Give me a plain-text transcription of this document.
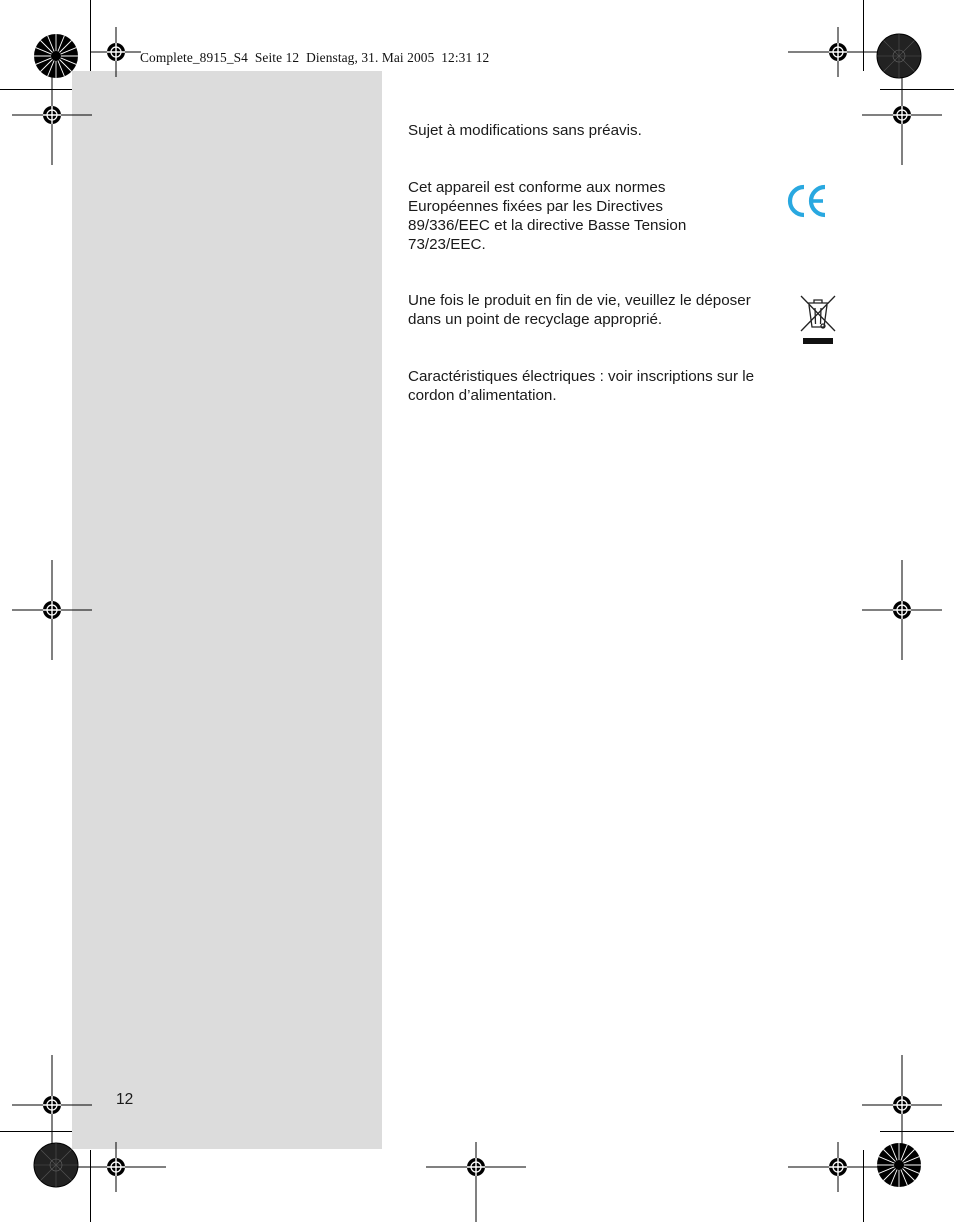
Complete_8915_S4  Seite 12  Dienstag, 31. Mai 2005  12:31 12
Sujet à modifications sans préavis.
Cet appareil est conforme aux normes
Européennes fixées par les Directives
89/336/EEC et la directive Basse Tension
73/23/EEC.
Une fois le produit en fin de vie, veuillez le déposer
dans un point de recyclage approprié.
Caractéristiques électriques : voir inscriptions sur le
cordon d’alimentation.
12
